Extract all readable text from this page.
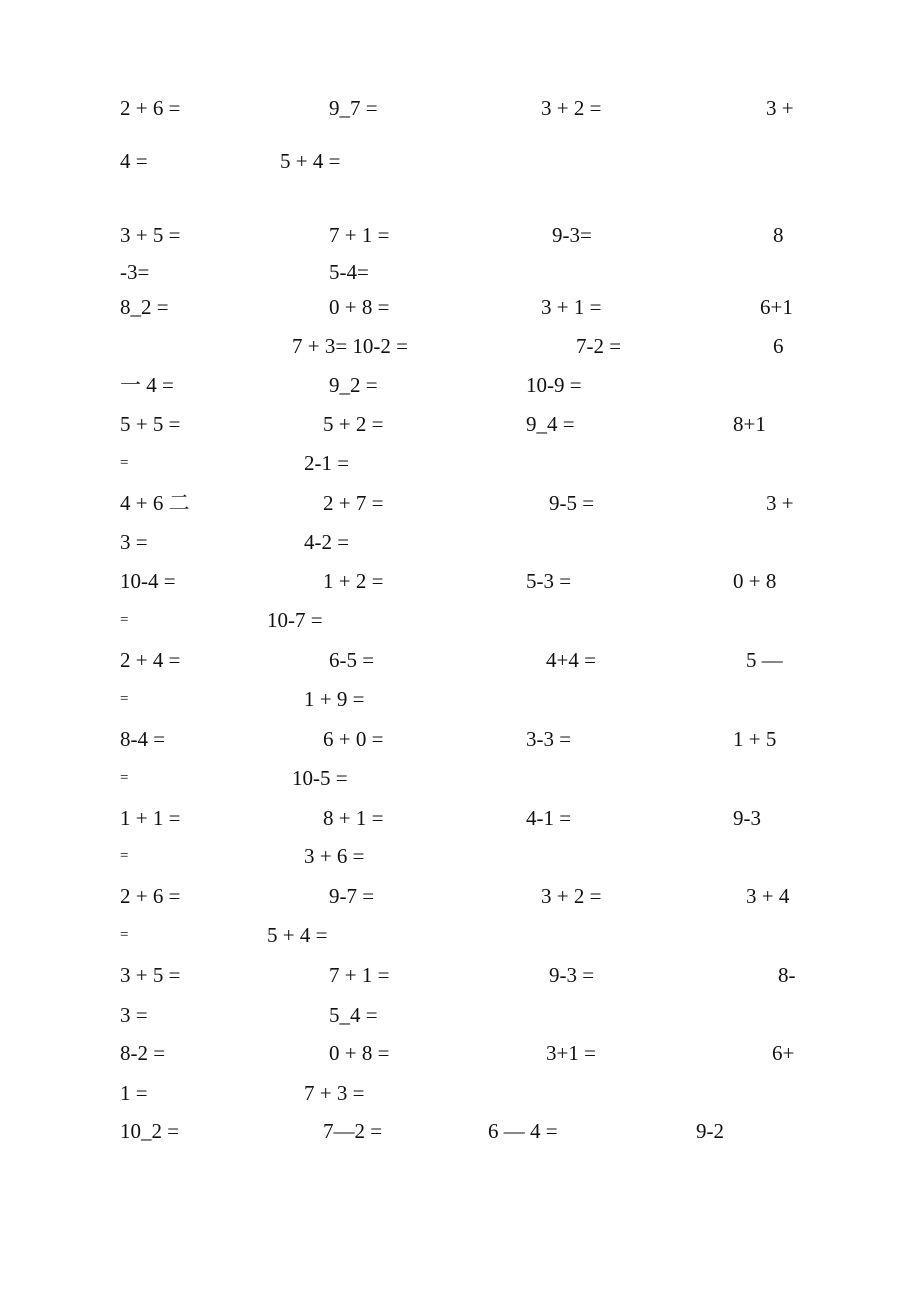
2 + 6 =	9_7 =	3 + 2 =	3 +
4 =	5 + 4 =
3 + 5 =	7 + 1 =	9-3=	8
-3=	5-4=
8_2 =	0 + 8 =	3 + 1 =	6+1
7 + 3= 10-2 =	7-2 =	6
一 4 =	9_2 =	10-9 =
5 + 5 =	5 + 2 =	9_4 =	8+1
=	2-1 =
4 + 6 二	2 + 7 =	9-5 =	3 +
3 =	4-2 =
10-4 =	1 + 2 =	5-3 =	0 + 8
=	10-7 =
2 + 4 =	6-5 =	4+4 =	5 —
=	1 + 9 =
8-4 =	6 + 0 =	3-3 =	1 + 5
=	10-5 =
1 + 1 =	8 + 1 =	4-1 =	9-3
=	3 + 6 =
2 + 6 =	9-7 =	3 + 2 =	3 + 4
=	5 + 4 =
3 + 5 =	7 + 1 =	9-3 =	8-
3 =	5_4 =
8-2 =	0 + 8 =	3+1 =	6+
1 =	7 + 3 =
10_2 =	7—2 =	6 — 4 =	9-2
